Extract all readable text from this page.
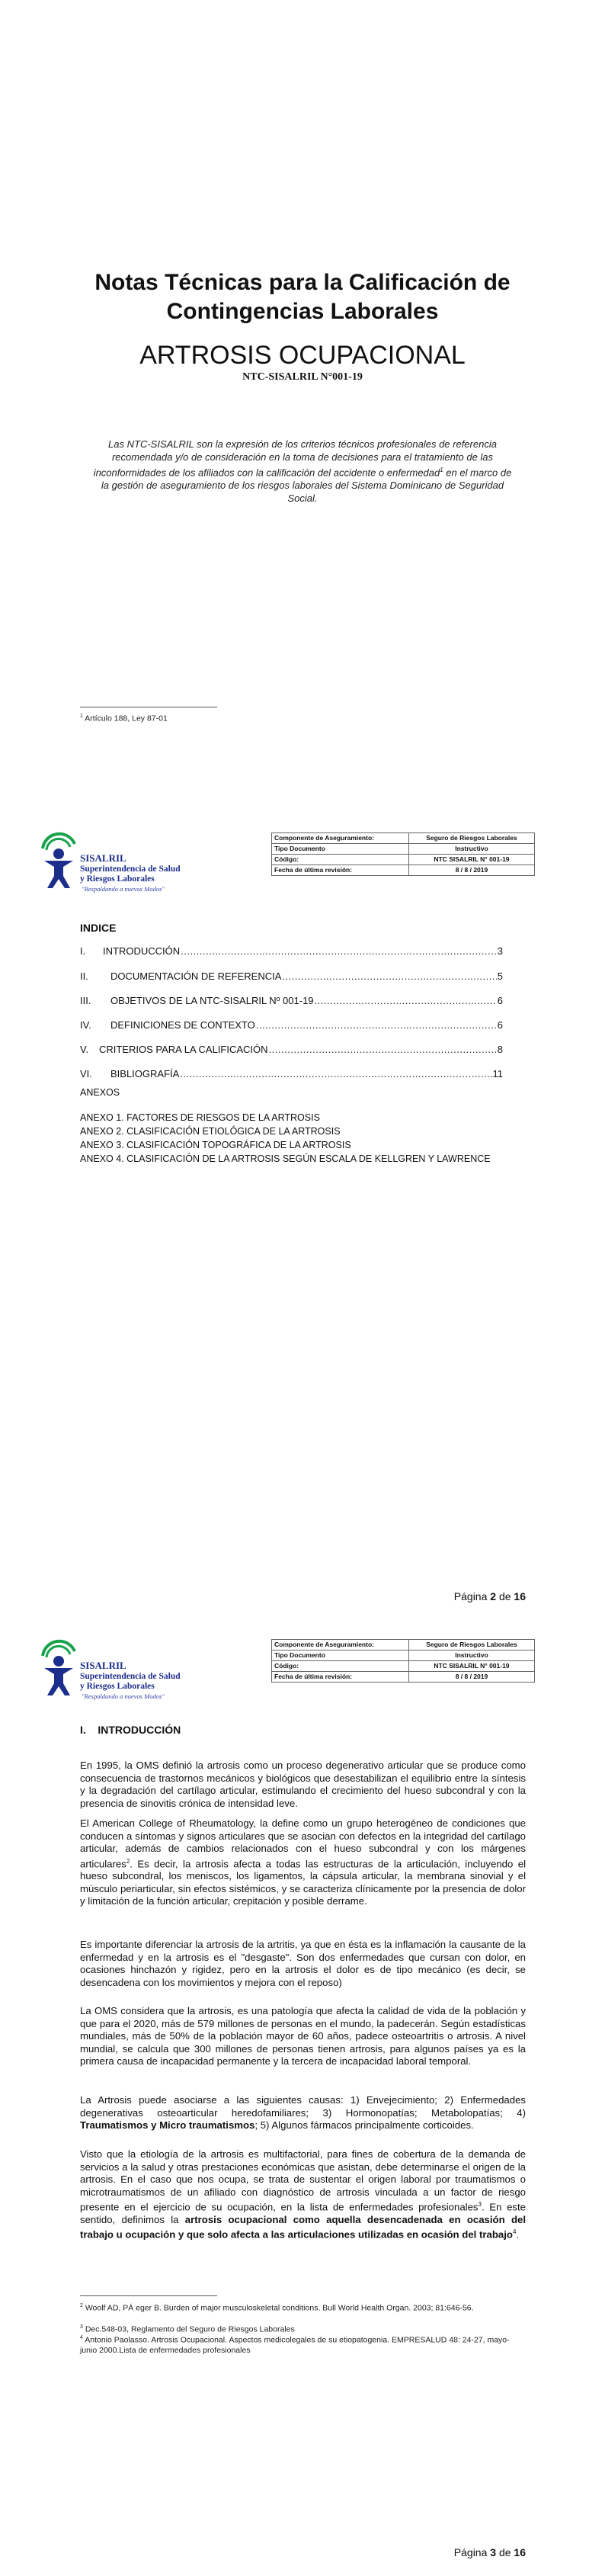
Notas Técnicas para la Calificación de
Contingencias Laborales
ARTROSIS OCUPACIONAL
NTC-SISALRIL N°001-19
Las NTC-SISALRIL son la expresión de los criterios técnicos profesionales de referencia recomendada y/o de consideración en la toma de decisiones para el tratamiento de las inconformidades de los afiliados con la calificación del accidente o enfermedad$^1$ en el marco de la gestión de aseguramiento de los riesgos laborales del Sistema Dominicano de Seguridad Social.
$^1$ Artículo 188, Ley 87-01
SISALRIL
Superintendencia de Salud
y Riesgos Laborales
"Respaldando a nuevos Modos"
Componente de Aseguramiento:	Seguro de Riesgos Laborales
Tipo Documento	Instructivo
Código:	NTC SISALRIL N° 001-19
Fecha de última revisión:	8 / 8 / 2019
INDICE
I.	INTRODUCCIÓN .....	3
II.	DOCUMENTACIÓN DE REFERENCIA .....	5
III.	OBJETIVOS DE LA NTC-SISALRIL Nº 001-19 .....	6
IV.	DEFINICIONES DE CONTEXTO .....	6
V.	CRITERIOS PARA LA CALIFICACIÓN .....	8
VI.	BIBLIOGRAFÍA .....	11
ANEXOS
ANEXO 1. FACTORES DE RIESGOS DE LA ARTROSIS
ANEXO 2. CLASIFICACIÓN ETIOLÓGICA DE LA ARTROSIS
ANEXO 3. CLASIFICACIÓN TOPOGRÁFICA DE LA ARTROSIS
ANEXO 4. CLASIFICACIÓN DE LA ARTROSIS SEGÚN ESCALA DE KELLGREN Y LAWRENCE
Página 2 de 16
SISALRIL
Superintendencia de Salud
y Riesgos Laborales
"Respaldando a nuevos Modos"
Componente de Aseguramiento:	Seguro de Riesgos Laborales
Tipo Documento	Instructivo
Código:	NTC SISALRIL N° 001-19
Fecha de última revisión:	8 / 8 / 2019
I.    INTRODUCCIÓN
En 1995, la OMS definió la artrosis como un proceso degenerativo articular que se produce como consecuencia de trastornos mecánicos y biológicos que desestabilizan el equilibrio entre la síntesis y la degradación del cartílago articular, estimulando el crecimiento del hueso subcondral y con la presencia de sinovitis crónica de intensidad leve.
El American College of Rheumatology, la define como un grupo heterogéneo de condiciones que conducen a síntomas y signos articulares que se asocian con defectos en la integridad del cartílago articular, además de cambios relacionados con el hueso subcondral y con los márgenes articulares$^2$. Es decir, la artrosis afecta a todas las estructuras de la articulación, incluyendo el hueso subcondral, los meniscos, los ligamentos, la cápsula articular, la membrana sinovial y el músculo periarticular, sin efectos sistémicos, y se caracteriza clínicamente por la presencia de dolor y limitación de la función articular, crepitación y posible derrame.
Es importante diferenciar la artrosis de la artritis, ya que en ésta es la inflamación la causante de la enfermedad y en la artrosis es el "desgaste". Son dos enfermedades que cursan con dolor, en ocasiones hinchazón y rigidez, pero en la artrosis el dolor es de tipo mecánico (es decir, se desencadena con los movimientos y mejora con el reposo)
La OMS considera que la artrosis, es una patología que afecta la calidad de vida de la población y que para el 2020, más de 579 millones de personas en el mundo, la padecerán. Según estadísticas mundiales, más de 50% de la población mayor de 60 años, padece osteoartritis o artrosis. A nivel mundial, se calcula que 300 millones de personas tienen artrosis, para algunos países ya es la primera causa de incapacidad permanente y la tercera de incapacidad laboral temporal.
La Artrosis puede asociarse a las siguientes causas: 1) Envejecimiento; 2) Enfermedades degenerativas osteoarticular heredofamiliares; 3) Hormonopatías; Metabolopatías; 4) Traumatismos y Micro traumatismos; 5) Algunos fármacos principalmente corticoides.
Visto que la etiología de la artrosis es multifactorial, para fines de cobertura de la demanda de servicios a la salud y otras prestaciones económicas que asistan, debe determinarse el origen de la artrosis. En el caso que nos ocupa, se trata de sustentar el origen laboral por traumatismos o microtraumatismos de un afiliado con diagnóstico de artrosis vinculada a un factor de riesgo presente en el ejercicio de su ocupación, en la lista de enfermedades profesionales$^3$. En este sentido, definimos la artrosis ocupacional como aquella desencadenada en ocasión del trabajo u ocupación y que solo afecta a las articulaciones utilizadas en ocasión del trabajo$^4$.
$^2$ Woolf AD, PÁ eger B. Burden of major musculoskeletal conditions. Bull World Health Organ. 2003; 81:646-56.
$^3$ Dec.548-03, Reglamento del Seguro de Riesgos Laborales
$^4$ Antonio Paolasso. Artrosis Ocupacional. Aspectos medicolegales de su etiopatogenia. EMPRESALUD 48: 24-27, mayo-junio 2000.Lista de enfermedades profesionales
Página 3 de 16
